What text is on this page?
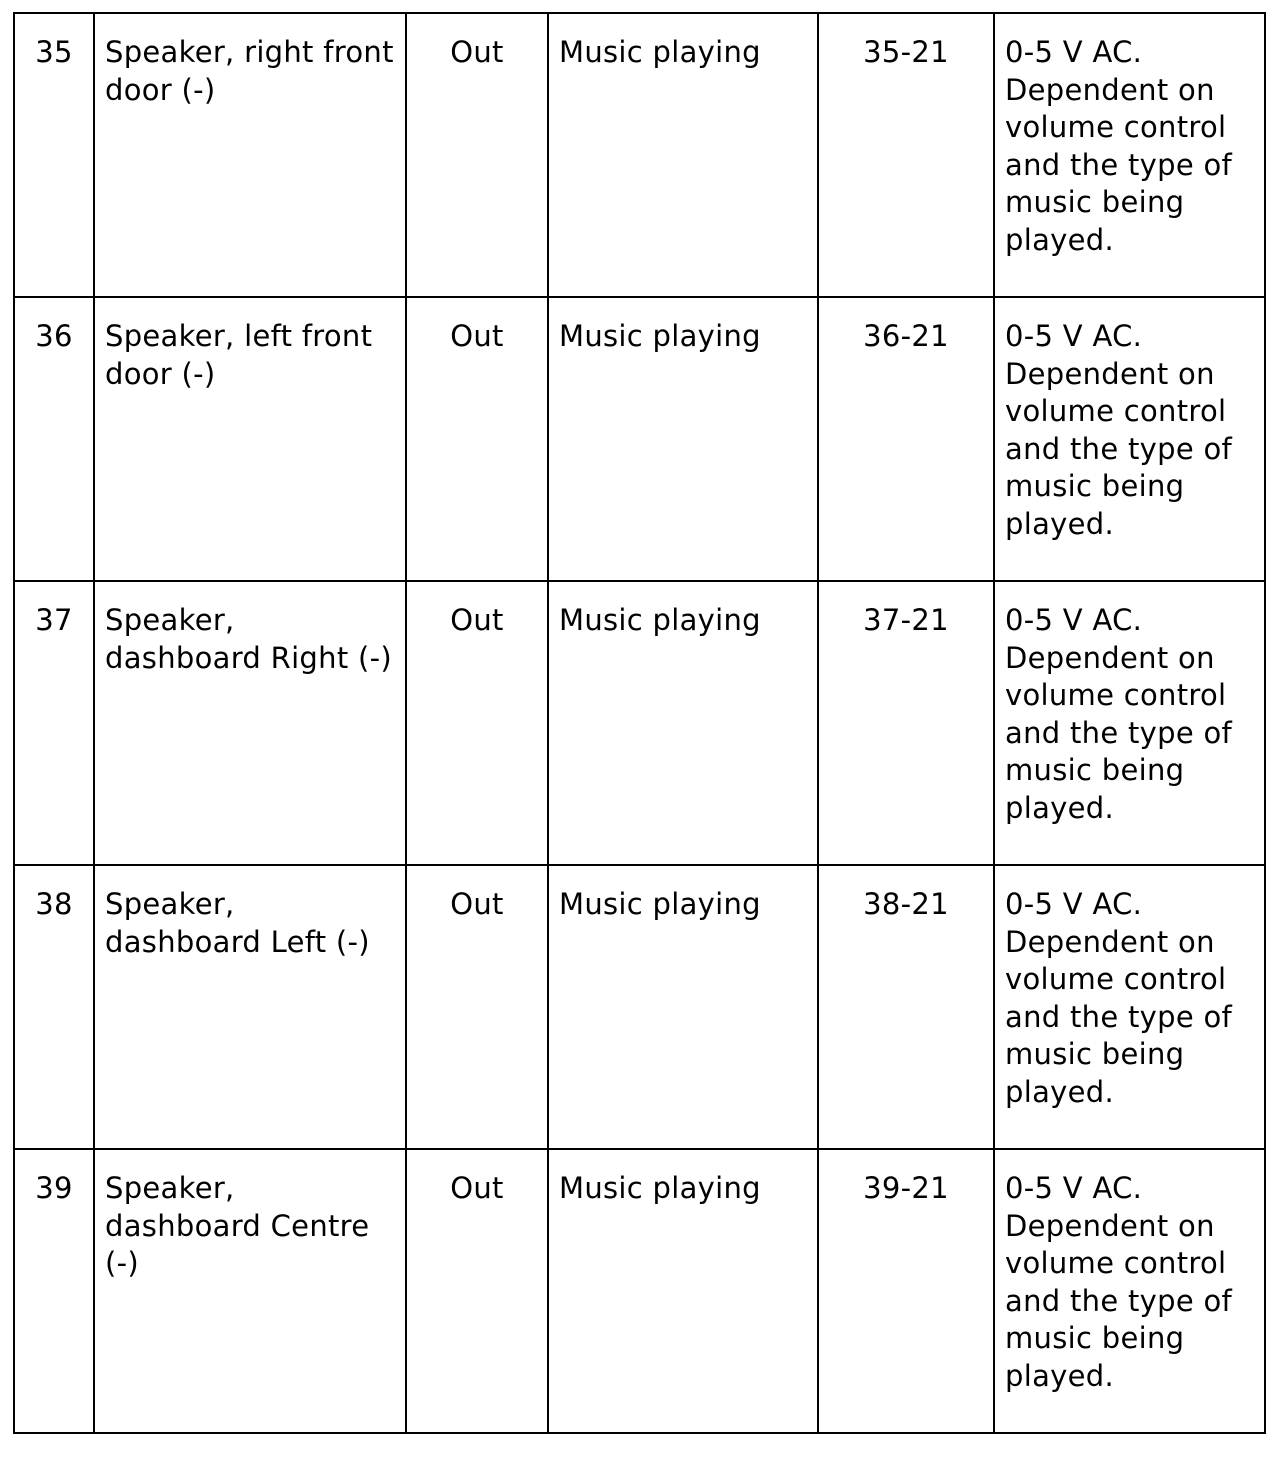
35	Speaker, right front door (-)	Out	Music playing	35-21	0-5 V AC. Dependent on volume control and the type of music being played.
36	Speaker, left front door (-)	Out	Music playing	36-21	0-5 V AC. Dependent on volume control and the type of music being played.
37	Speaker, dashboard Right (-)	Out	Music playing	37-21	0-5 V AC. Dependent on volume control and the type of music being played.
38	Speaker, dashboard Left (-)	Out	Music playing	38-21	0-5 V AC. Dependent on volume control and the type of music being played.
39	Speaker, dashboard Centre (-)	Out	Music playing	39-21	0-5 V AC. Dependent on volume control and the type of music being played.
